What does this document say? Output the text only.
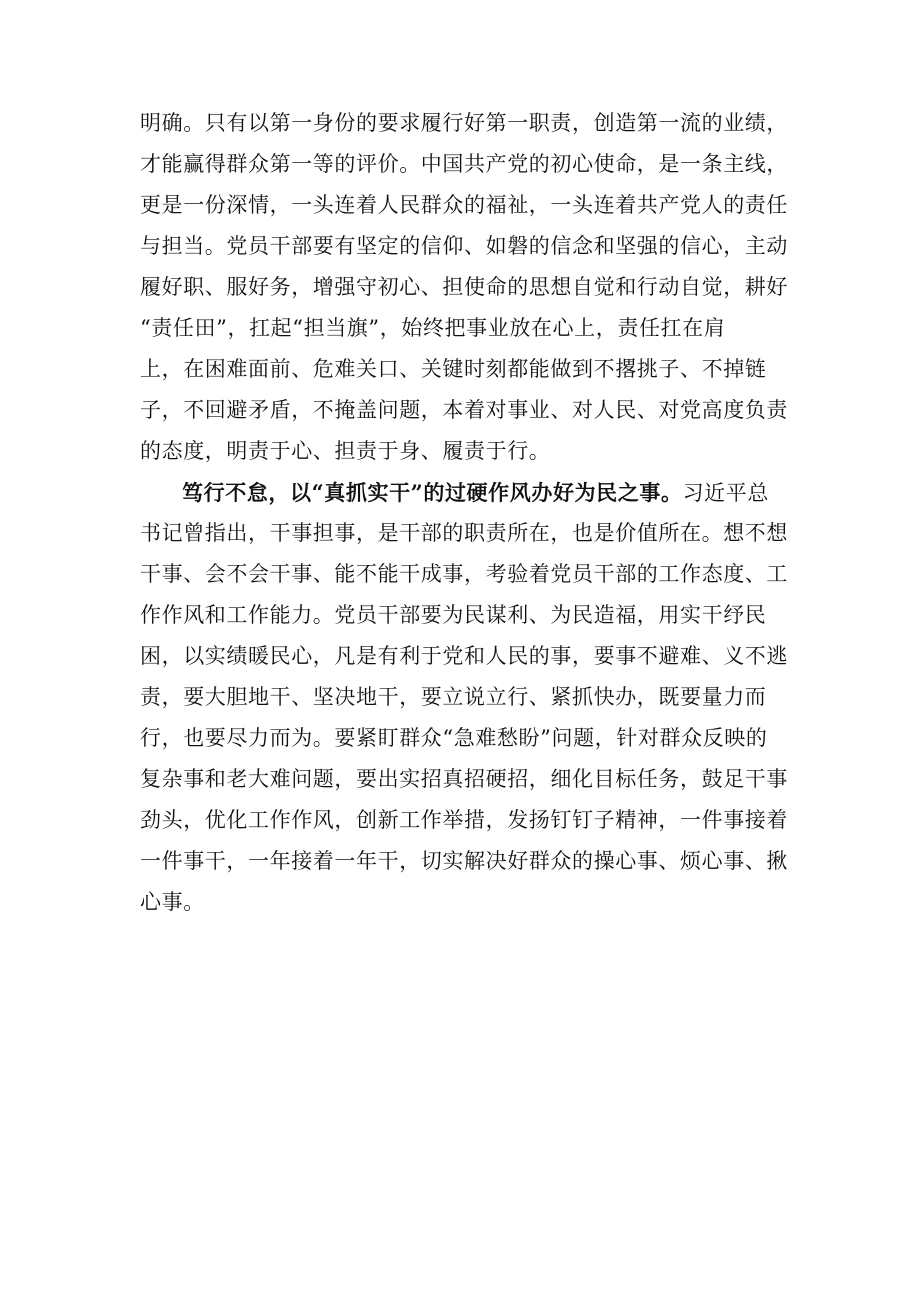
明确。只有以第一身份的要求履行好第一职责，创造第一流的业绩，
才能赢得群众第一等的评价。中国共产党的初心使命，是一条主线，
更是一份深情，一头连着人民群众的福祉，一头连着共产党人的责任
与担当。党员干部要有坚定的信仰、如磐的信念和坚强的信心，主动
履好职、服好务，增强守初心、担使命的思想自觉和行动自觉，耕好
“责任田”，扛起“担当旗”，始终把事业放在心上，责任扛在肩
上，在困难面前、危难关口、关键时刻都能做到不撂挑子、不掉链
子，不回避矛盾，不掩盖问题，本着对事业、对人民、对党高度负责
的态度，明责于心、担责于身、履责于行。

笃行不怠，以“真抓实干”的过硬作风办好为民之事。习近平总
书记曾指出，干事担事，是干部的职责所在，也是价值所在。想不想
干事、会不会干事、能不能干成事，考验着党员干部的工作态度、工
作作风和工作能力。党员干部要为民谋利、为民造福，用实干纾民
困，以实绩暖民心，凡是有利于党和人民的事，要事不避难、义不逃
责，要大胆地干、坚决地干，要立说立行、紧抓快办，既要量力而
行，也要尽力而为。要紧盯群众“急难愁盼”问题，针对群众反映的
复杂事和老大难问题，要出实招真招硬招，细化目标任务，鼓足干事
劲头，优化工作作风，创新工作举措，发扬钉钉子精神，一件事接着
一件事干，一年接着一年干，切实解决好群众的操心事、烦心事、揪
心事。
